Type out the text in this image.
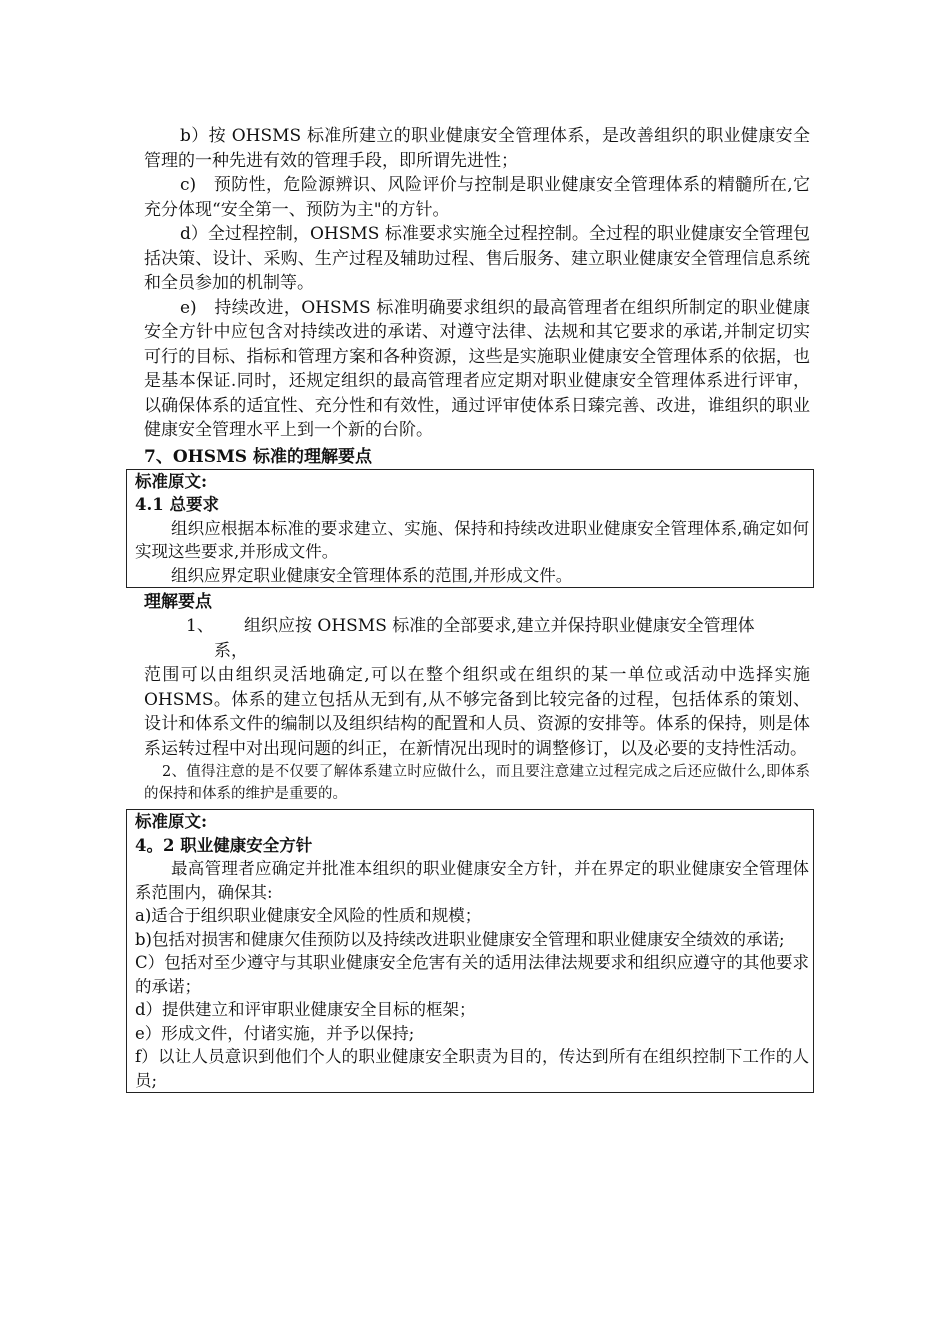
b）按 OHSMS 标准所建立的职业健康安全管理体系，是改善组织的职业健康安全管理的一种先进有效的管理手段，即所谓先进性；

c)　预防性，危险源辨识、风险评价与控制是职业健康安全管理体系的精髓所在,它充分体现“安全第一、预防为主"的方针。

d）全过程控制，OHSMS 标准要求实施全过程控制。全过程的职业健康安全管理包括决策、设计、采购、生产过程及辅助过程、售后服务、建立职业健康安全管理信息系统和全员参加的机制等。

e)　持续改进，OHSMS 标准明确要求组织的最高管理者在组织所制定的职业健康安全方针中应包含对持续改进的承诺、对遵守法律、法规和其它要求的承诺,并制定切实可行的目标、指标和管理方案和各种资源，这些是实施职业健康安全管理体系的依据，也是基本保证.同时，还规定组织的最高管理者应定期对职业健康安全管理体系进行评审，以确保体系的适宜性、充分性和有效性，通过评审使体系日臻完善、改进，谁组织的职业健康安全管理水平上到一个新的台阶。

7、OHSMS 标准的理解要点

标准原文:

4.1 总要求

组织应根据本标准的要求建立、实施、保持和持续改进职业健康安全管理体系,确定如何实现这些要求,并形成文件。

组织应界定职业健康安全管理体系的范围,并形成文件。

理解要点

1、 组织应按 OHSMS 标准的全部要求,建立并保持职业健康安全管理体

系，

范围可以由组织灵活地确定,可以在整个组织或在组织的某一单位或活动中选择实施 OHSMS。体系的建立包括从无到有,从不够完备到比较完备的过程，包括体系的策划、设计和体系文件的编制以及组织结构的配置和人员、资源的安排等。体系的保持，则是体系运转过程中对出现问题的纠正，在新情况出现时的调整修订，以及必要的支持性活动。

2、值得注意的是不仅要了解体系建立时应做什么，而且要注意建立过程完成之后还应做什么,即体系的保持和体系的维护是重要的。

标准原文:

4。2 职业健康安全方针

最高管理者应确定并批准本组织的职业健康安全方针，并在界定的职业健康安全管理体系范围内，确保其:

a)适合于组织职业健康安全风险的性质和规模；

b)包括对损害和健康欠佳预防以及持续改进职业健康安全管理和职业健康安全绩效的承诺;

C）包括对至少遵守与其职业健康安全危害有关的适用法律法规要求和组织应遵守的其他要求的承诺；

d）提供建立和评审职业健康安全目标的框架；

e）形成文件，付诸实施，并予以保持;

f）以让人员意识到他们个人的职业健康安全职责为目的，传达到所有在组织控制下工作的人员;
